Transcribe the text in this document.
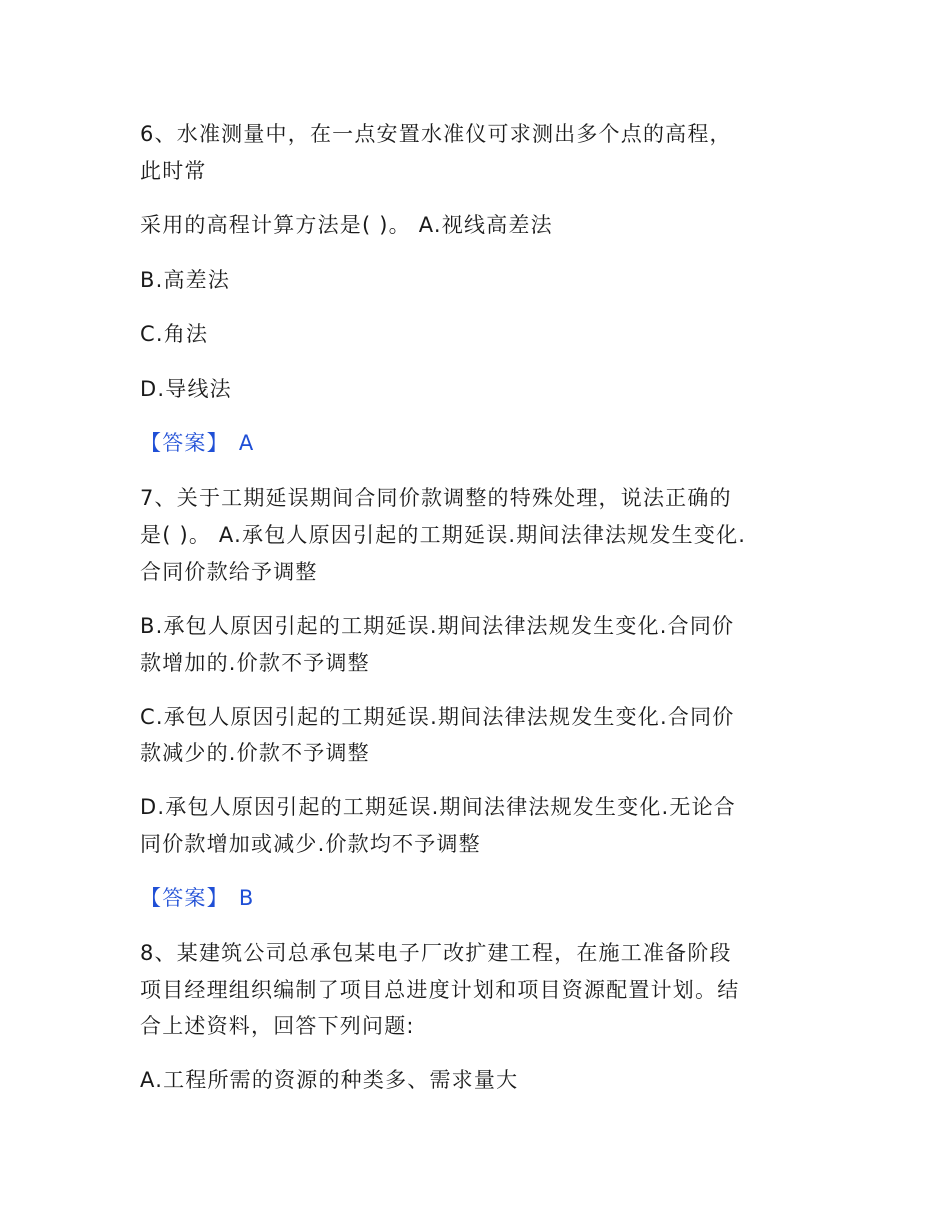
6、水准测量中，在一点安置水准仪可求测出多个点的高程，
此时常
采用的高程计算方法是( )。 A.视线高差法
B.高差法
C.角法
D.导线法
【答案】 A
7、关于工期延误期间合同价款调整的特殊处理，说法正确的
是( )。 A.承包人原因引起的工期延误.期间法律法规发生变化.
合同价款给予调整
B.承包人原因引起的工期延误.期间法律法规发生变化.合同价
款增加的.价款不予调整
C.承包人原因引起的工期延误.期间法律法规发生变化.合同价
款减少的.价款不予调整
D.承包人原因引起的工期延误.期间法律法规发生变化.无论合
同价款增加或减少.价款均不予调整
【答案】 B
8、某建筑公司总承包某电子厂改扩建工程，在施工准备阶段
项目经理组织编制了项目总进度计划和项目资源配置计划。结
合上述资料，回答下列问题:
A.工程所需的资源的种类多、需求量大
